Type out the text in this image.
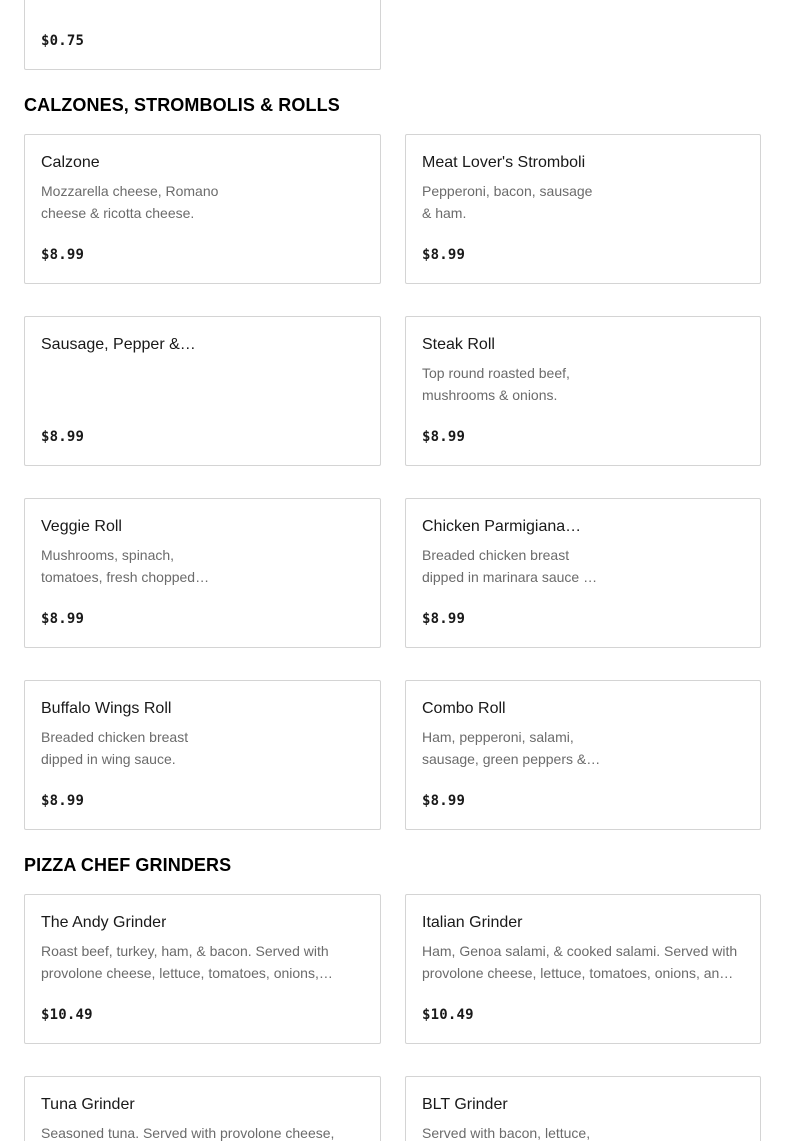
$0.75
CALZONES, STROMBOLIS & ROLLS
Calzone
Mozzarella cheese, Romano
cheese & ricotta cheese.
$8.99
Meat Lover's Stromboli
Pepperoni, bacon, sausage
& ham.
$8.99
Sausage, Pepper &…
$8.99
Steak Roll
Top round roasted beef,
mushrooms & onions.
$8.99
Veggie Roll
Mushrooms, spinach,
tomatoes, fresh chopped…
$8.99
Chicken Parmigiana…
Breaded chicken breast
dipped in marinara sauce …
$8.99
Buffalo Wings Roll
Breaded chicken breast
dipped in wing sauce.
$8.99
Combo Roll
Ham, pepperoni, salami,
sausage, green peppers &…
$8.99
PIZZA CHEF GRINDERS
The Andy Grinder
Roast beef, turkey, ham, & bacon. Served with
provolone cheese, lettuce, tomatoes, onions,…
$10.49
Italian Grinder
Ham, Genoa salami, & cooked salami. Served with
provolone cheese, lettuce, tomatoes, onions, an…
$10.49
Tuna Grinder
Seasoned tuna. Served with provolone cheese,
BLT Grinder
Served with bacon, lettuce,
